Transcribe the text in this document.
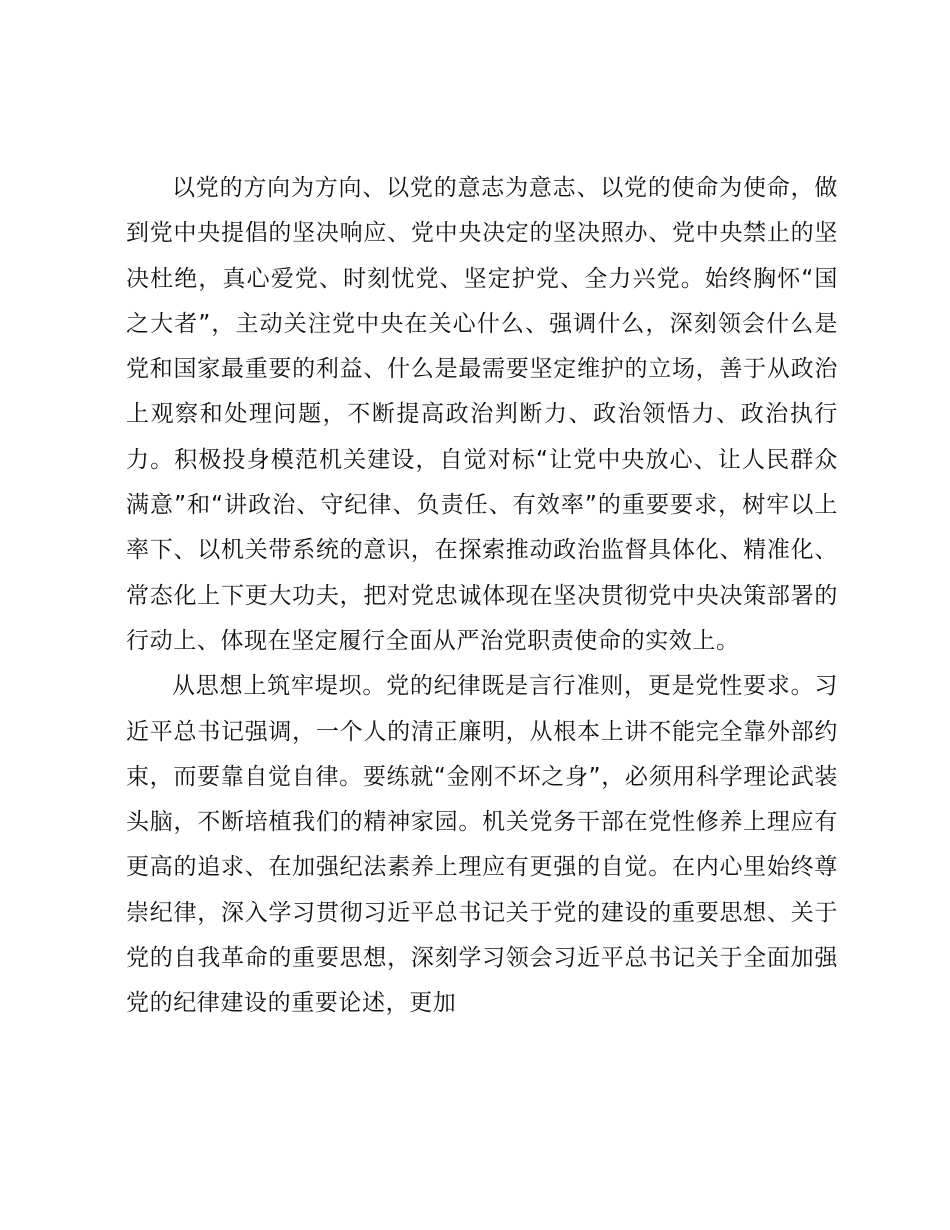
以党的方向为方向、以党的意志为意志、以党的使命为使命，做到党中央提倡的坚决响应、党中央决定的坚决照办、党中央禁止的坚决杜绝，真心爱党、时刻忧党、坚定护党、全力兴党。始终胸怀“国之大者”，主动关注党中央在关心什么、强调什么，深刻领会什么是党和国家最重要的利益、什么是最需要坚定维护的立场，善于从政治上观察和处理问题，不断提高政治判断力、政治领悟力、政治执行力。积极投身模范机关建设，自觉对标“让党中央放心、让人民群众满意”和“讲政治、守纪律、负责任、有效率”的重要要求，树牢以上率下、以机关带系统的意识，在探索推动政治监督具体化、精准化、常态化上下更大功夫，把对党忠诚体现在坚决贯彻党中央决策部署的行动上、体现在坚定履行全面从严治党职责使命的实效上。

从思想上筑牢堤坝。党的纪律既是言行准则，更是党性要求。习近平总书记强调，一个人的清正廉明，从根本上讲不能完全靠外部约束，而要靠自觉自律。要练就“金刚不坏之身”，必须用科学理论武装头脑，不断培植我们的精神家园。机关党务干部在党性修养上理应有更高的追求、在加强纪法素养上理应有更强的自觉。在内心里始终尊崇纪律，深入学习贯彻习近平总书记关于党的建设的重要思想、关于党的自我革命的重要思想，深刻学习领会习近平总书记关于全面加强党的纪律建设的重要论述，更加
